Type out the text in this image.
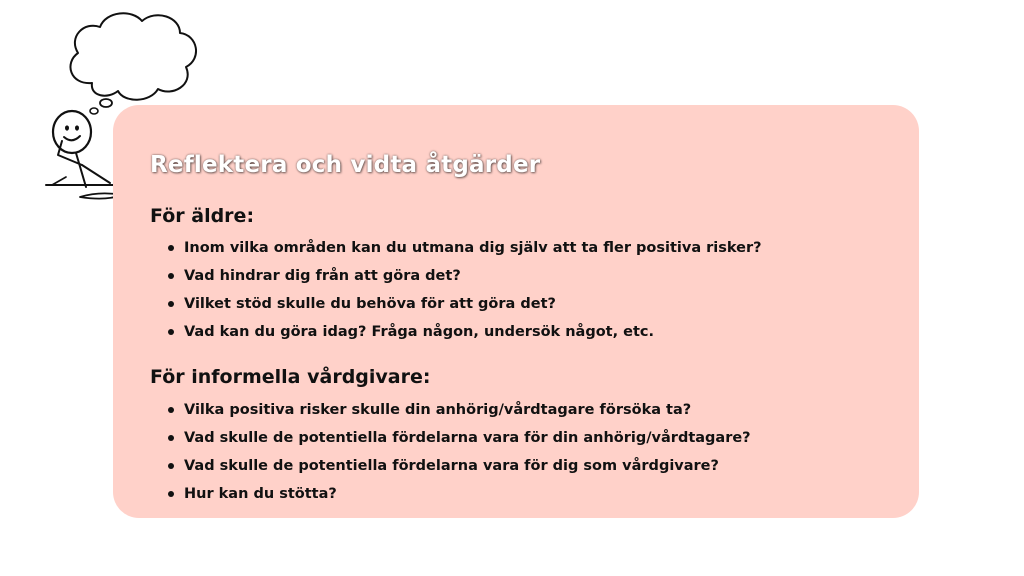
Reflektera och vidta åtgärder
För äldre:
Inom vilka områden kan du utmana dig själv att ta fler positiva risker?
Vad hindrar dig från att göra det?
Vilket stöd skulle du behöva för att göra det?
Vad kan du göra idag? Fråga någon, undersök något, etc.
För informella vårdgivare:
Vilka positiva risker skulle din anhörig/vårdtagare försöka ta?
Vad skulle de potentiella fördelarna vara för din anhörig/vårdtagare?
Vad skulle de potentiella fördelarna vara för dig som vårdgivare?
Hur kan du stötta?
